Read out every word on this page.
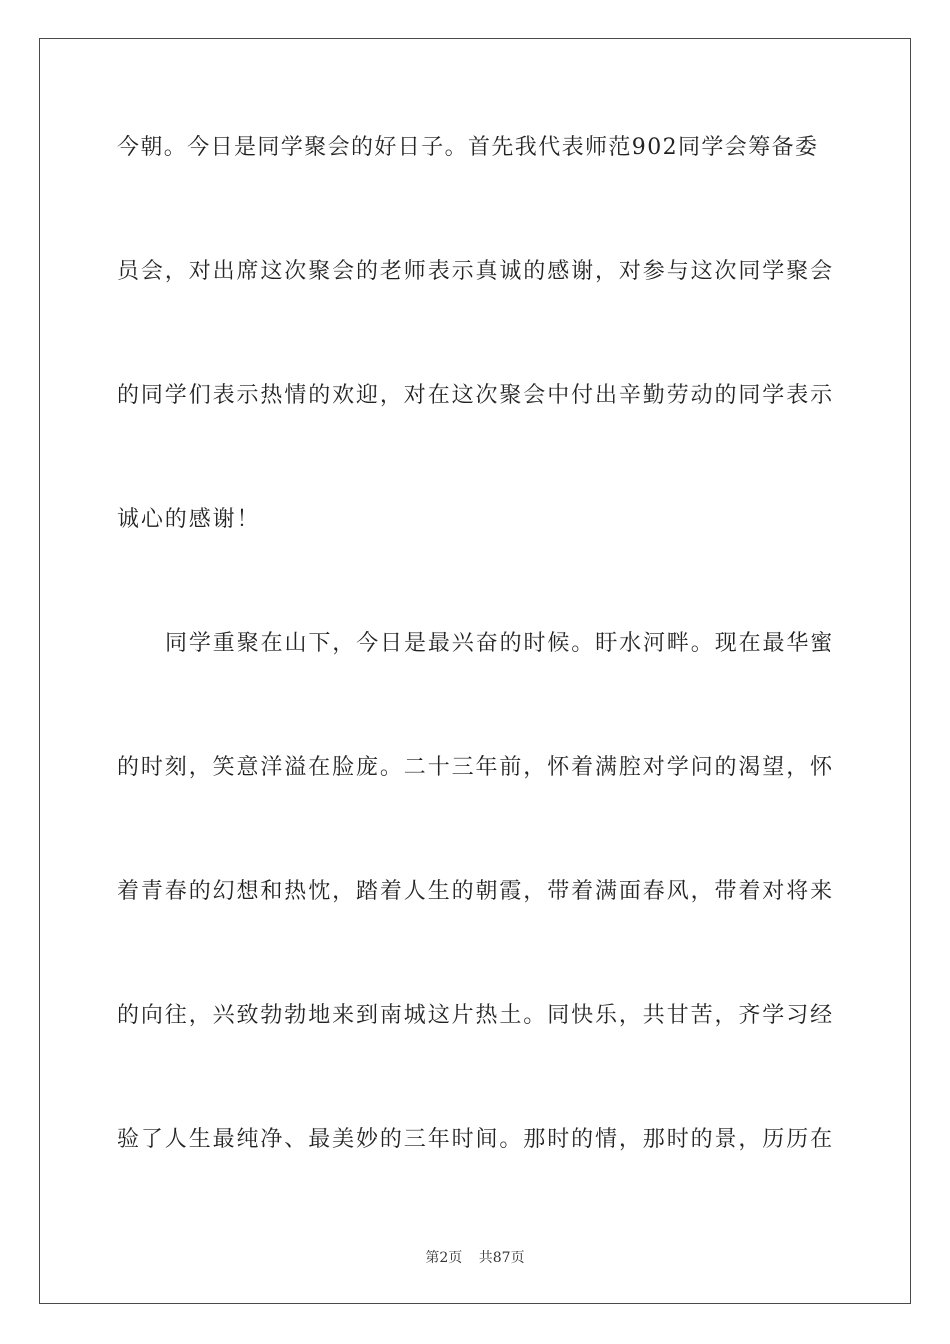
今朝。今日是同学聚会的好日子。首先我代表师范902同学会筹备委
员会，对出席这次聚会的老师表示真诚的感谢，对参与这次同学聚会
的同学们表示热情的欢迎，对在这次聚会中付出辛勤劳动的同学表示
诚心的感谢！
同学重聚在山下，今日是最兴奋的时候。盱水河畔。现在最华蜜
的时刻，笑意洋溢在脸庞。二十三年前，怀着满腔对学问的渴望，怀
着青春的幻想和热忱，踏着人生的朝霞，带着满面春风，带着对将来
的向往，兴致勃勃地来到南城这片热土。同快乐，共甘苦，齐学习经
验了人生最纯净、最美妙的三年时间。那时的情，那时的景，历历在
第2页 共87页
